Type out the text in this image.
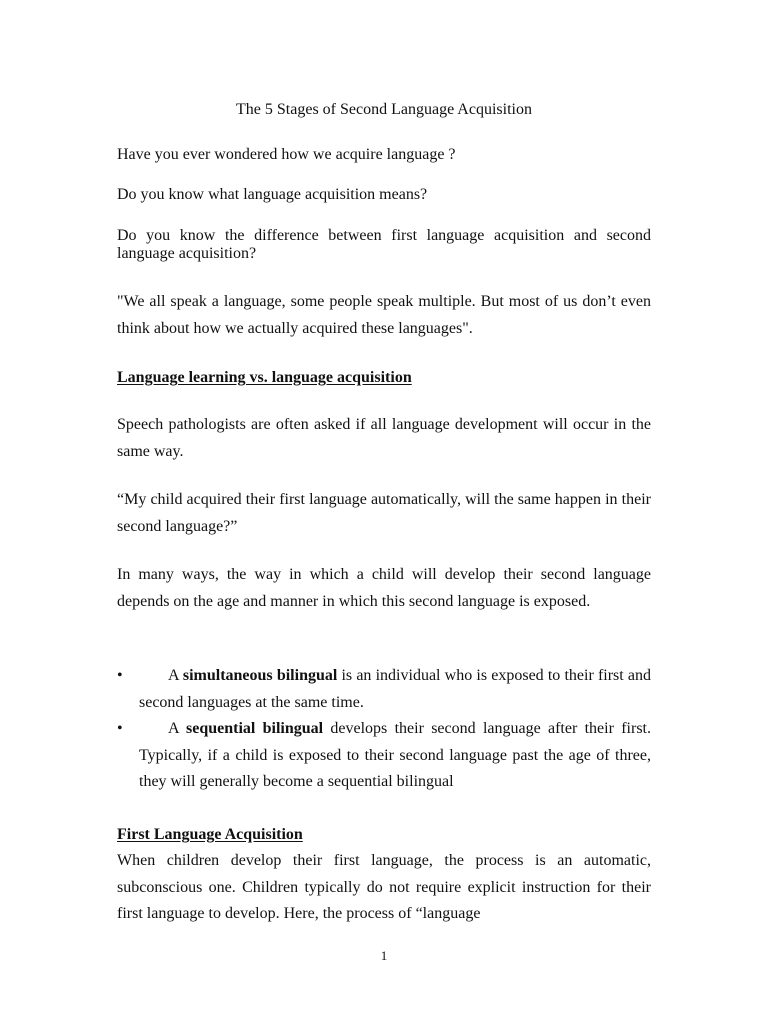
The 5 Stages of Second Language Acquisition

Have you ever wondered how we acquire language ?

Do you know what language acquisition means?

Do you know the difference between first language acquisition and second language acquisition?

"We all speak a language, some people speak multiple. But most of us don’t even think about how we actually acquired these languages".

Language learning vs. language acquisition

Speech pathologists are often asked if all language development will occur in the same way.

“My child acquired their first language automatically, will the same happen in their second language?”

In many ways, the way in which a child will develop their second language depends on the age and manner in which this second language is exposed.

•	A simultaneous bilingual is an individual who is exposed to their first and second languages at the same time.
•	A sequential bilingual develops their second language after their first. Typically, if a child is exposed to their second language past the age of three, they will generally become a sequential bilingual

First Language Acquisition

When children develop their first language, the process is an automatic, subconscious one. Children typically do not require explicit instruction for their first language to develop. Here, the process of “language

1
